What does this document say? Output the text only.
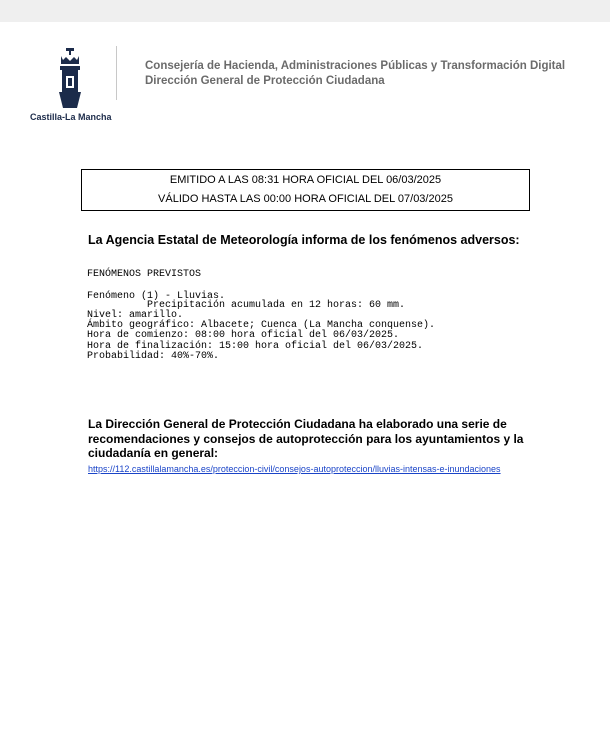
Castilla-La Mancha
Consejería de Hacienda, Administraciones Públicas y Transformación Digital
Dirección General de Protección Ciudadana
EMITIDO A LAS 08:31 HORA OFICIAL DEL 06/03/2025
VÁLIDO HASTA LAS 00:00 HORA OFICIAL DEL 07/03/2025
La Agencia Estatal de Meteorología informa de los fenómenos adversos:
FENÓMENOS PREVISTOS
Fenómeno (1) - Lluvias.
Precipitación acumulada en 12 horas: 60 mm.
Nivel: amarillo.
Ámbito geográfico: Albacete; Cuenca (La Mancha conquense).
Hora de comienzo: 08:00 hora oficial del 06/03/2025.
Hora de finalización: 15:00 hora oficial del 06/03/2025.
Probabilidad: 40%-70%.
La Dirección General de Protección Ciudadana ha elaborado una serie de recomendaciones y consejos de autoprotección para los ayuntamientos y la ciudadanía en general:
https://112.castillalamancha.es/proteccion-civil/consejos-autoproteccion/lluvias-intensas-e-inundaciones
